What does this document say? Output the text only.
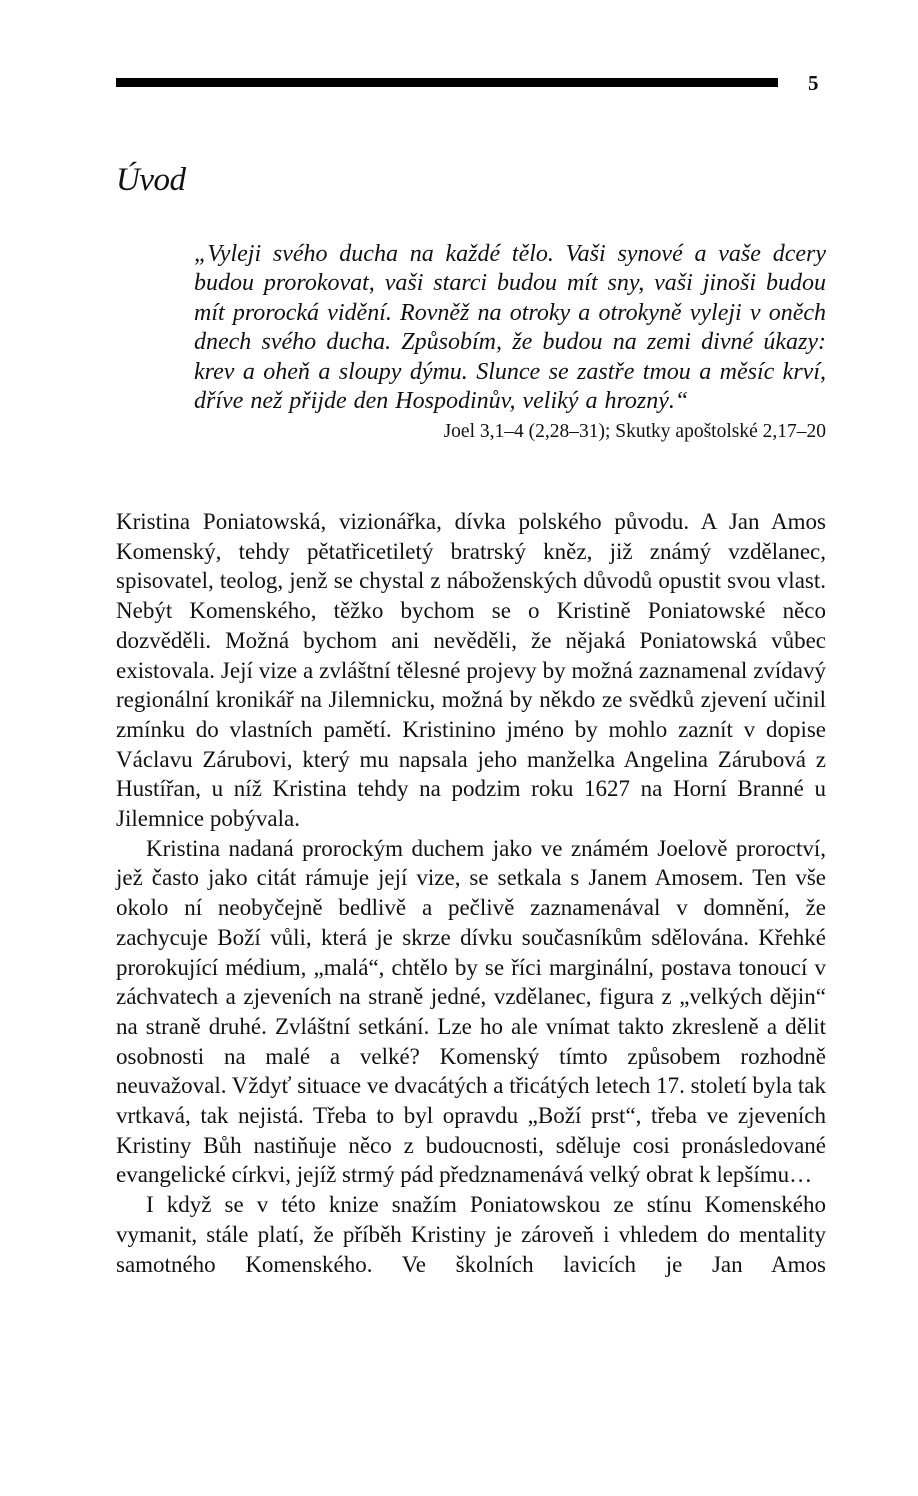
5
Úvod

„Vyleji svého ducha na každé tělo. Vaši synové a vaše dcery budou prorokovat, vaši starci budou mít sny, vaši jinoši budou mít prorocká vidění. Rovněž na otroky a otrokyně vyleji v oněch dnech svého ducha. Způsobím, že budou na zemi divné úkazy: krev a oheň a sloupy dýmu. Slunce se zastře tmou a měsíc krví, dříve než přijde den Hospodinův, veliký a hrozný.“

Joel 3,1–4 (2,28–31); Skutky apoštolské 2,17–20

Kristina Poniatowská, vizionářka, dívka polského původu. A Jan Amos Komenský, tehdy pětatřicetiletý bratrský kněz, již známý vzdělanec, spisovatel, teolog, jenž se chystal z náboženských důvodů opustit svou vlast. Nebýt Komenského, těžko bychom se o Kristině Poniatowské něco dozvěděli. Možná bychom ani nevěděli, že nějaká Poniatowská vůbec existovala. Její vize a zvláštní tělesné projevy by možná zaznamenal zvídavý regionální kronikář na Jilemnicku, možná by někdo ze svědků zjevení učinil zmínku do vlastních pamětí. Kristinino jméno by mohlo zaznít v dopise Václavu Zárubovi, který mu napsala jeho manželka Angelina Zárubová z Hustířan, u níž Kristina tehdy na podzim roku 1627 na Horní Branné u Jilemnice pobývala.

Kristina nadaná prorockým duchem jako ve známém Joelově proroctví, jež často jako citát rámuje její vize, se setkala s Janem Amosem. Ten vše okolo ní neobyčejně bedlivě a pečlivě zaznamenával v domnění, že zachycuje Boží vůli, která je skrze dívku současníkům sdělována. Křehké prorokující médium, „malá“, chtělo by se říci marginální, postava tonoucí v záchvatech a zjeveních na straně jedné, vzdělanec, figura z „velkých dějin“ na straně druhé. Zvláštní setkání. Lze ho ale vnímat takto zkresleně a dělit osobnosti na malé a velké? Komenský tímto způsobem rozhodně neuvažoval. Vždyť situace ve dvacátých a třicátých letech 17. století byla tak vrtkavá, tak nejistá. Třeba to byl opravdu „Boží prst“, třeba ve zjeveních Kristiny Bůh nastiňuje něco z budoucnosti, sděluje cosi pronásledované evangelické církvi, jejíž strmý pád předznamenává velký obrat k lepšímu…

I když se v této knize snažím Poniatowskou ze stínu Komenského vymanit, stále platí, že příběh Kristiny je zároveň i vhledem do mentality samotného Komenského. Ve školních lavicích je Jan Amos
